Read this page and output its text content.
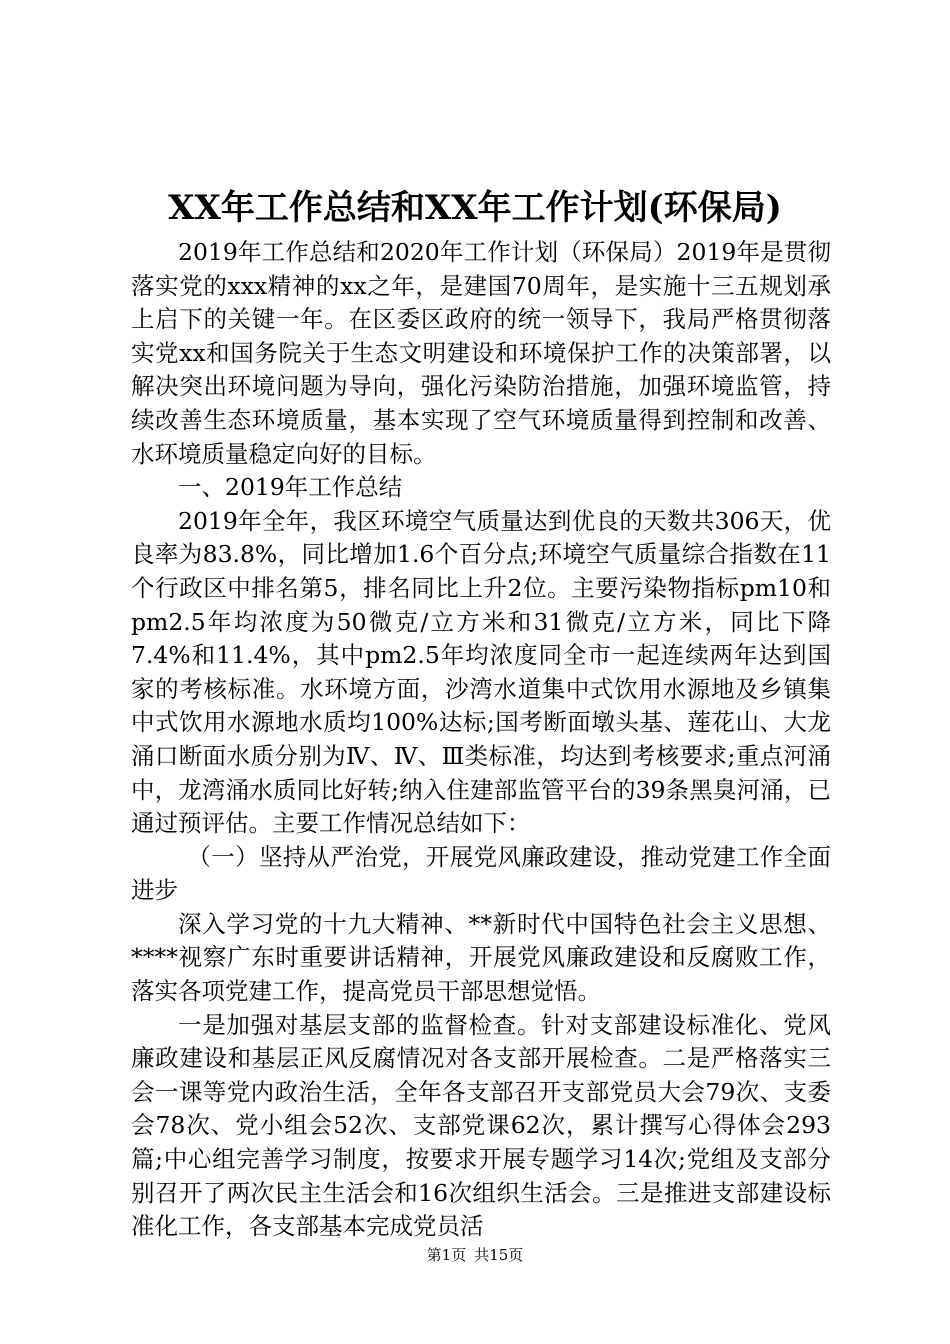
XX年工作总结和XX年工作计划(环保局)

2019年工作总结和2020年工作计划（环保局）2019年是贯彻落实党的xxx精神的xx之年，是建国70周年，是实施十三五规划承上启下的关键一年。在区委区政府的统一领导下，我局严格贯彻落实党xx和国务院关于生态文明建设和环境保护工作的决策部署，以解决突出环境问题为导向，强化污染防治措施，加强环境监管，持续改善生态环境质量，基本实现了空气环境质量得到控制和改善、水环境质量稳定向好的目标。

一、2019年工作总结

2019年全年，我区环境空气质量达到优良的天数共306天，优良率为83.8%，同比增加1.6个百分点;环境空气质量综合指数在11个行政区中排名第5，排名同比上升2位。主要污染物指标pm10和pm2.5年均浓度为50微克/立方米和31微克/立方米，同比下降7.4%和11.4%，其中pm2.5年均浓度同全市一起连续两年达到国家的考核标准。水环境方面，沙湾水道集中式饮用水源地及乡镇集中式饮用水源地水质均100%达标;国考断面墩头基、莲花山、大龙涌口断面水质分别为Ⅳ、Ⅳ、Ⅲ类标准，均达到考核要求;重点河涌中，龙湾涌水质同比好转;纳入住建部监管平台的39条黑臭河涌，已通过预评估。主要工作情况总结如下：

（一）坚持从严治党，开展党风廉政建设，推动党建工作全面进步

深入学习党的十九大精神、**新时代中国特色社会主义思想、****视察广东时重要讲话精神，开展党风廉政建设和反腐败工作，落实各项党建工作，提高党员干部思想觉悟。

一是加强对基层支部的监督检查。针对支部建设标准化、党风廉政建设和基层正风反腐情况对各支部开展检查。二是严格落实三会一课等党内政治生活，全年各支部召开支部党员大会79次、支委会78次、党小组会52次、支部党课62次，累计撰写心得体会293篇;中心组完善学习制度，按要求开展专题学习14次;党组及支部分别召开了两次民主生活会和16次组织生活会。三是推进支部建设标准化工作，各支部基本完成党员活

第1页 共15页
